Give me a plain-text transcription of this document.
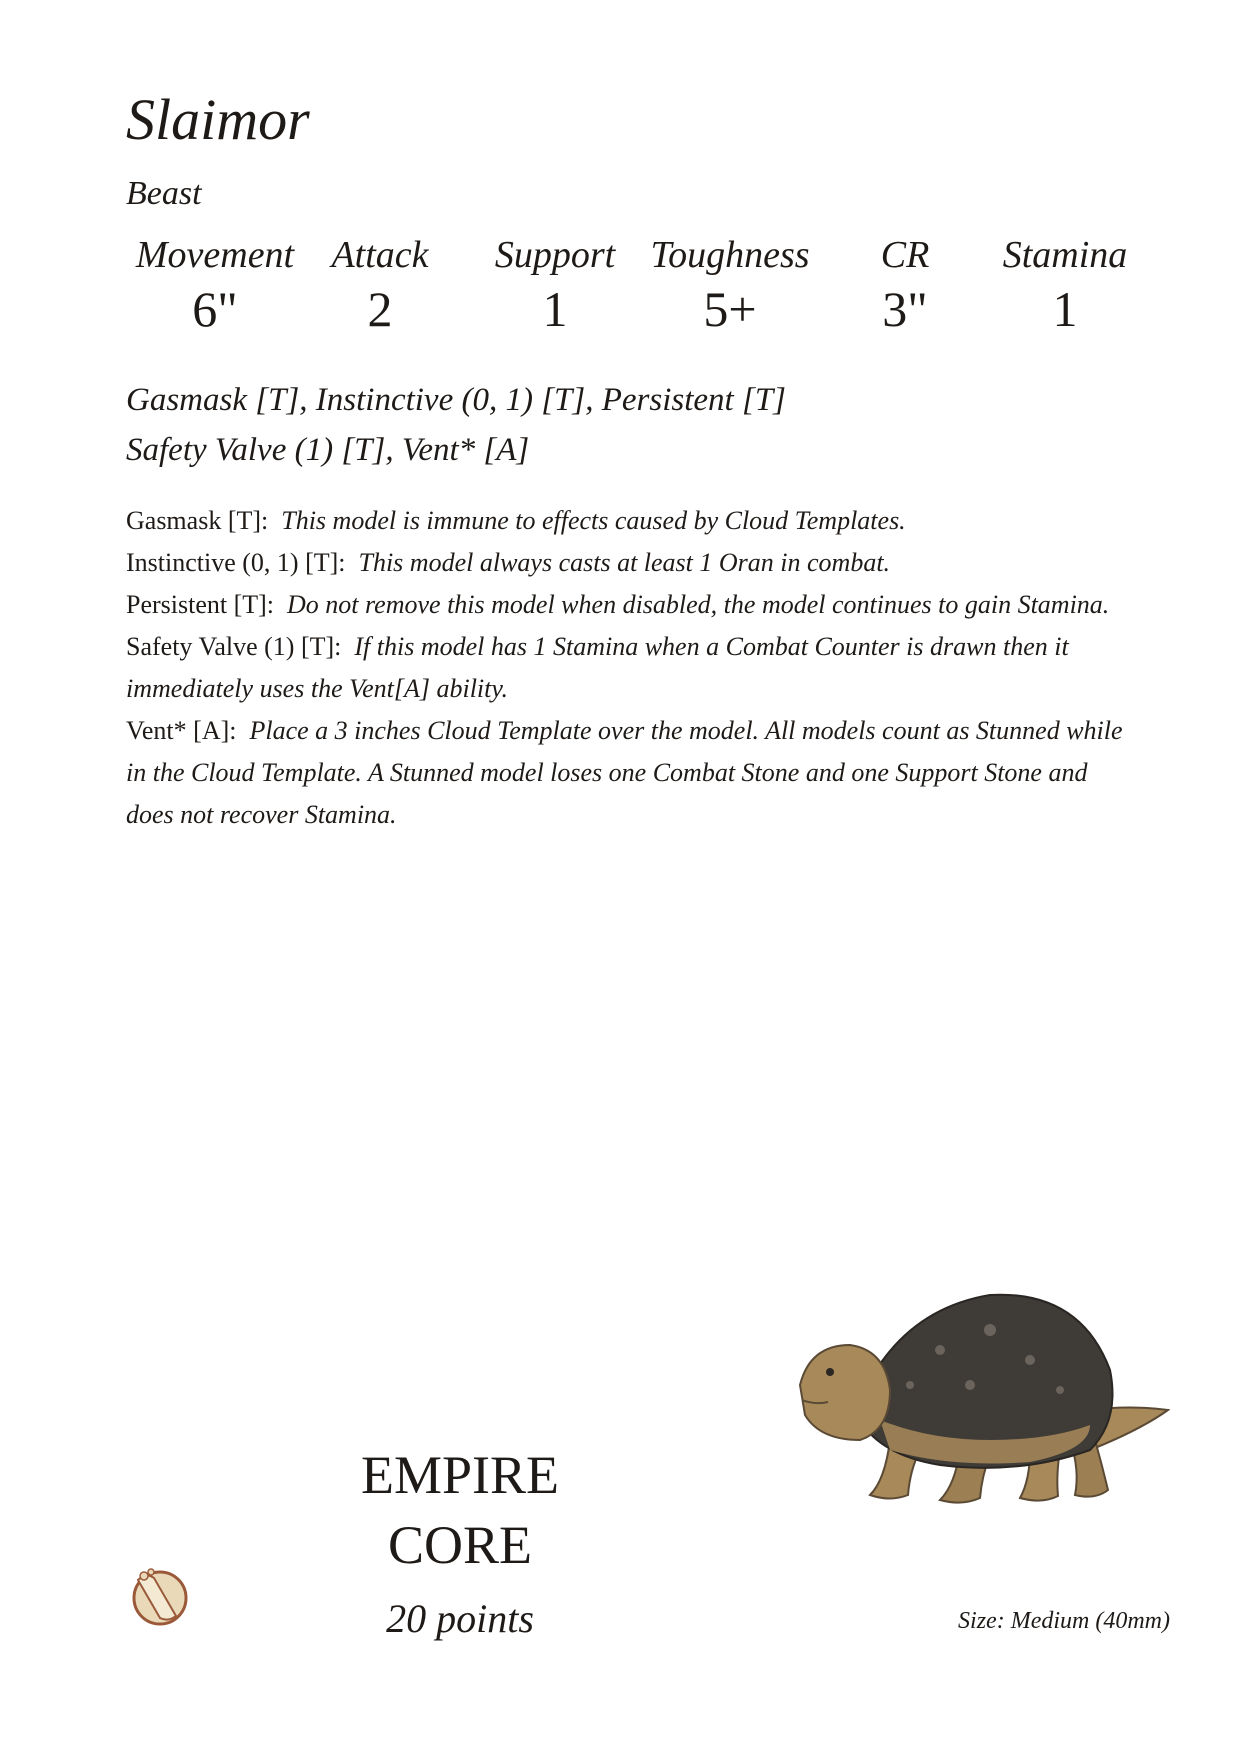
Slaimor
Beast
Movement
6"
Attack
2
Support
1
Toughness
5+
CR
3"
Stamina
1
Gasmask [T], Instinctive (0, 1) [T], Persistent [T]
Safety Valve (1) [T], Vent* [A]

Gasmask [T]: This model is immune to effects caused by Cloud Templates.

Instinctive (0, 1) [T]: This model always casts at least 1 Oran in combat.

Persistent [T]: Do not remove this model when disabled, the model continues to gain Stamina.

Safety Valve (1) [T]: If this model has 1 Stamina when a Combat Counter is drawn then it immediately uses the Vent[A] ability.

Vent* [A]: Place a 3 inches Cloud Template over the model. All models count as Stunned while in the Cloud Template. A Stunned model loses one Combat Stone and one Support Stone and does not recover Stamina.

EMPIRE
CORE
20 points	Size: Medium (40mm)
